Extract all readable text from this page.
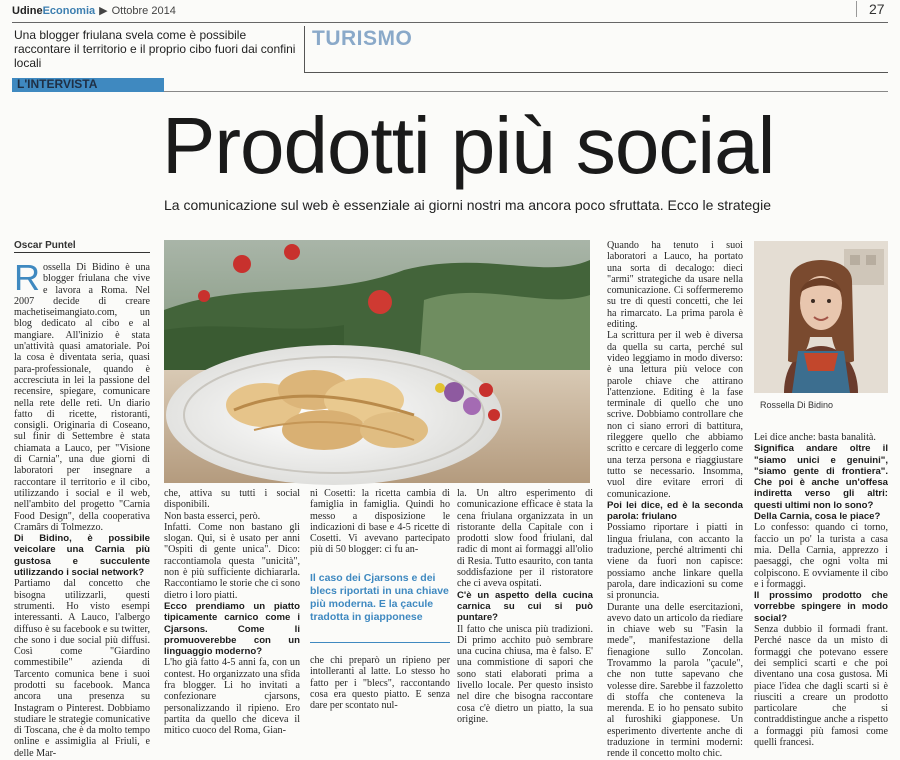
UdineEconomia ▶ Ottobre 2014	27
Una blogger friulana svela come è possibile raccontare il territorio e il proprio cibo fuori dai confini locali
TURISMO
L'INTERVISTA
Prodotti più social
La comunicazione sul web è essenziale ai giorni nostri ma ancora poco sfruttata. Ecco le strategie
Oscar Puntel

Rossella Di Bidino è una blogger friulana che vive e lavora a Roma. Nel 2007 decide di creare machetiseimangiato.com, un blog dedicato al cibo e al mangiare. All'inizio è stata un'attività quasi amatoriale. Poi la cosa è diventata seria, quasi para-professionale, quando è accresciuta in lei la passione del recensire, spiegare, comunicare nella rete delle reti. Un diario fatto di ricette, ristoranti, consigli. Originaria di Coseano, sul finir di Settembre è stata chiamata a Lauco, per "Visione di Carnia", una due giorni di laboratori per insegnare a raccontare il territorio e il cibo, utilizzando i social e il web, nell'ambito del progetto "Carnia Food Design", della cooperativa Cramârs di Tolmezzo.

Di Bidino, è possibile veicolare una Carnia più gustosa e succulente utilizzando i social network?

Partiamo dal concetto che bisogna utilizzarli, questi strumenti. Ho visto esempi interessanti. A Lauco, l'albergo diffuso è su facebook e su twitter, che sono i due social più diffusi. Così come "Giardino commestibile" azienda di Tarcento comunica bene i suoi prodotti su facebook. Manca ancora una presenza su Instagram o Pinterest. Dobbiamo studiare le strategie comunicative di Toscana, che è da molto tempo online e assimiglia al Friuli, e delle Mar-

che, attiva su tutti i social disponibili.

Non basta esserci, però.

Infatti. Come non bastano gli slogan. Qui, si è usato per anni "Ospiti di gente unica". Dico: raccontiamola questa "unicità", non è più sufficiente dichiararla. Raccontiamo le storie che ci sono dietro i loro piatti.

Ecco prendiamo un piatto tipicamente carnico come i Cjarsons. Come li promuoverebbe con un linguaggio moderno?

L'ho già fatto 4-5 anni fa, con un contest. Ho organizzato una sfida fra blogger. Li ho invitati a confezionare cjarsons, personalizzando il ripieno. Ero partita da quello che diceva il mitico cuoco del Roma, Gian-

ni Cosetti: la ricetta cambia di famiglia in famiglia. Quindi ho messo a disposizione le indicazioni di base e 4-5 ricette di Cosetti. Vi avevano partecipato più di 50 blogger: ci fu an-

Il caso dei Cjarsons e dei blecs riportati in una chiave più moderna. E la çacule tradotta in giapponese

che chi preparò un ripieno per intolleranti al latte. Lo stesso ho fatto per i "blecs", raccontando cosa era questo piatto. E senza dare per scontato nul-

la. Un altro esperimento di comunicazione efficace è stata la cena friulana organizzata in un ristorante della Capitale con i prodotti slow food friulani, dal radic di mont ai formaggi all'olio di Resia. Tutto esaurito, con tanta soddisfazione per il ristoratore che ci aveva ospitati.

C'è un aspetto della cucina carnica su cui si può puntare?

Il fatto che unisca più tradizioni. Di primo acchito può sembrare una cucina chiusa, ma è falso. E' una commistione di sapori che sono stati elaborati prima a livello locale. Per questo insisto nel dire che bisogna raccontare cosa c'è dietro un piatto, la sua origine.

Quando ha tenuto i suoi laboratori a Lauco, ha portato una sorta di decalogo: dieci "armi" strategiche da usare nella comunicazione. Ci soffermeremo su tre di questi concetti, che lei ha rimarcato. La prima parola è editing.

La scrittura per il web è diversa da quella su carta, perché sul video leggiamo in modo diverso: è una lettura più veloce con parole chiave che attirano l'attenzione. Editing è la fase terminale di quello che uno scrive. Dobbiamo controllare che non ci siano errori di battitura, rileggere quello che abbiamo scritto e cercare di leggerlo come una terza persona e riaggiustare tutto se necessario. Insomma, vuol dire evitare errori di comunicazione.

Poi lei dice, ed è la seconda parola: friulano

Possiamo riportare i piatti in lingua friulana, con accanto la traduzione, perché altrimenti chi viene da fuori non capisce: possiamo anche linkare quella parola, dare indicazioni su come si pronuncia.

Durante una delle esercitazioni, avevo dato un articolo da riediare in chiave web su "Fasin la mede", manifestazione della fienagione sullo Zoncolan. Trovammo la parola "çacule", che non tutte sapevano che volesse dire. Sarebbe il fazzoletto di stoffa che conteneva la merenda. E io ho pensato subito al furoshiki giapponese. Un esperimento divertente anche di traduzione in termini moderni: rende il concetto molto chic.

Rossella Di Bidino

Lei dice anche: basta banalità.

Significa andare oltre il "siamo unici e genuini", "siamo gente di frontiera". Che poi è anche un'offesa indiretta verso gli altri: questi ultimi non lo sono?

Della Carnia, cosa le piace?

Lo confesso: quando ci torno, faccio un po' la turista a casa mia. Della Carnia, apprezzo i paesaggi, che ogni volta mi colpiscono. E ovviamente il cibo e i formaggi.

Il prossimo prodotto che vorrebbe spingere in modo social?

Senza dubbio il formadi frant. Perché nasce da un misto di formaggi che potevano essere dei semplici scarti e che poi diventano una cosa gustosa. Mi piace l'idea che dagli scarti si è riusciti a creare un prodotto particolare che si contraddistingue anche a rispetto a formaggi più famosi come quelli francesi.
